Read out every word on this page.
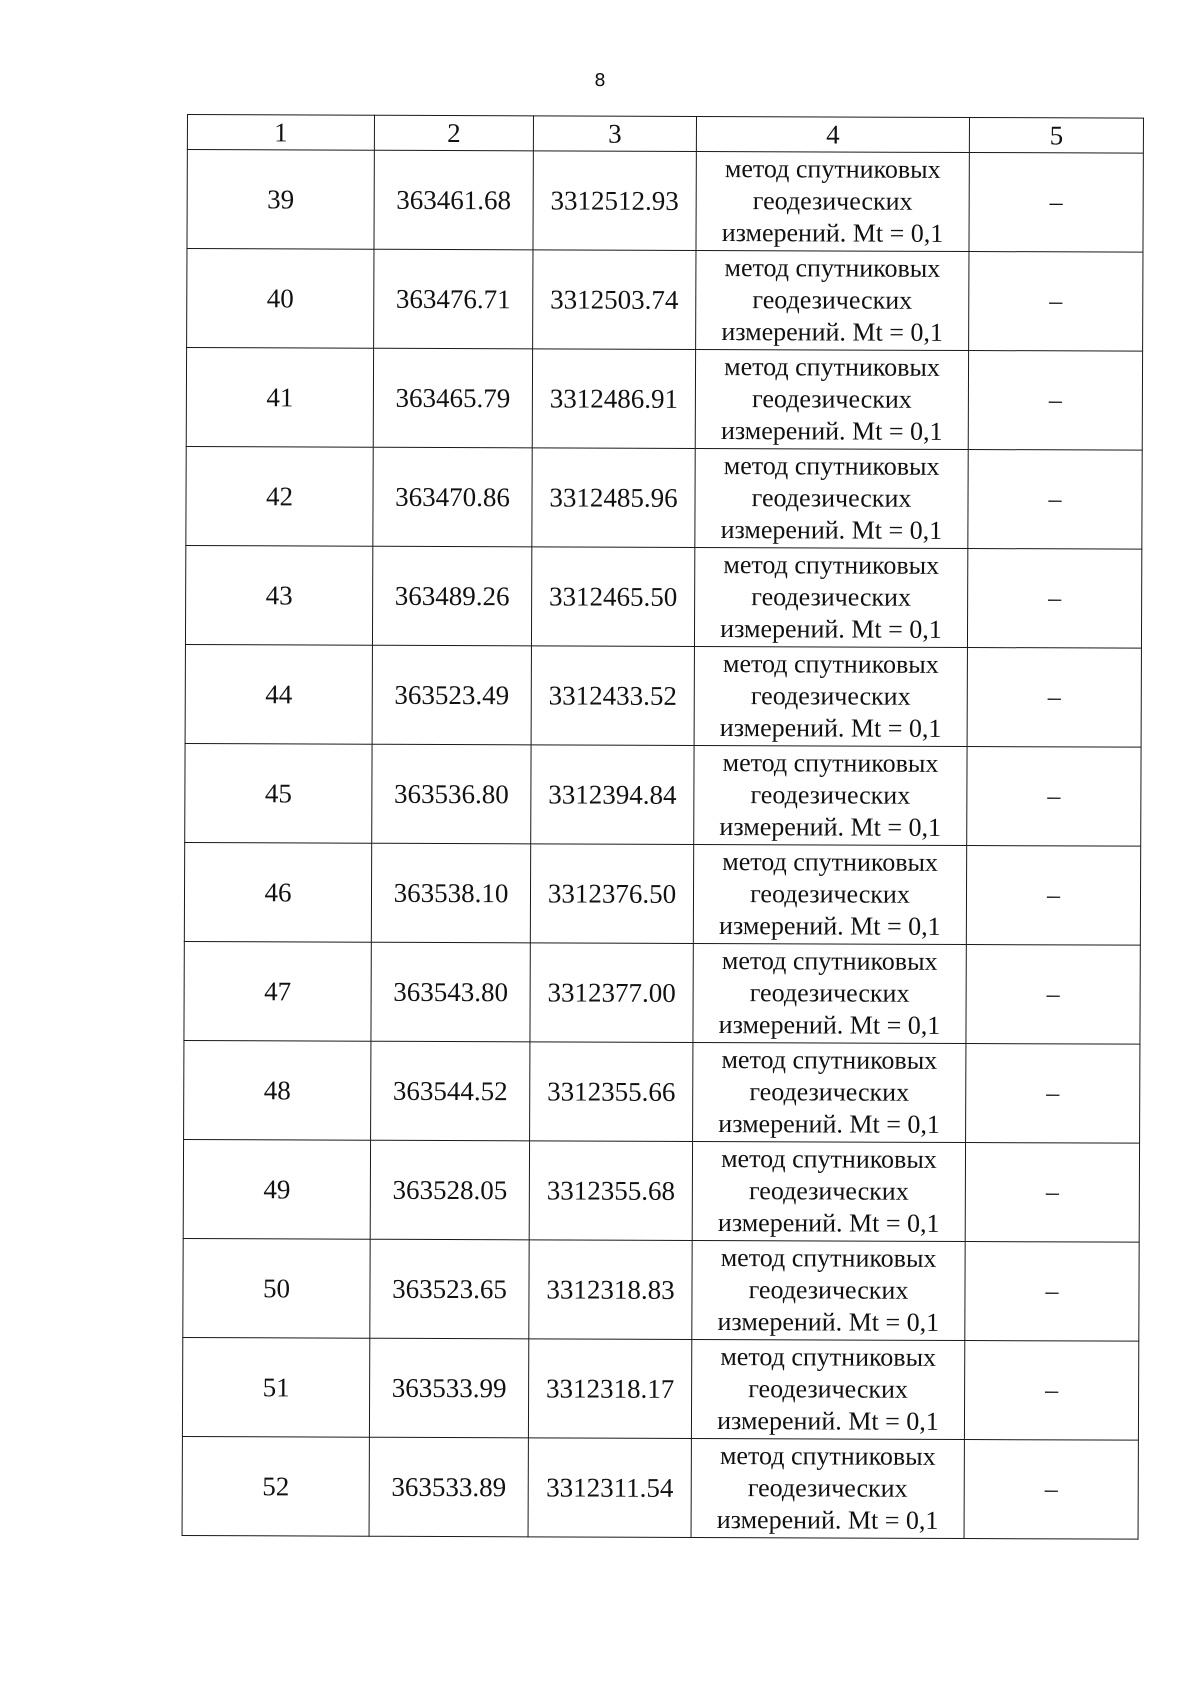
8
1	2	3	4	5
39	363461.68	3312512.93	метод спутниковых
геодезических
измерений. Mt = 0,1	–
40	363476.71	3312503.74	метод спутниковых
геодезических
измерений. Mt = 0,1	–
41	363465.79	3312486.91	метод спутниковых
геодезических
измерений. Mt = 0,1	–
42	363470.86	3312485.96	метод спутниковых
геодезических
измерений. Mt = 0,1	–
43	363489.26	3312465.50	метод спутниковых
геодезических
измерений. Mt = 0,1	–
44	363523.49	3312433.52	метод спутниковых
геодезических
измерений. Mt = 0,1	–
45	363536.80	3312394.84	метод спутниковых
геодезических
измерений. Mt = 0,1	–
46	363538.10	3312376.50	метод спутниковых
геодезических
измерений. Mt = 0,1	–
47	363543.80	3312377.00	метод спутниковых
геодезических
измерений. Mt = 0,1	–
48	363544.52	3312355.66	метод спутниковых
геодезических
измерений. Mt = 0,1	–
49	363528.05	3312355.68	метод спутниковых
геодезических
измерений. Mt = 0,1	–
50	363523.65	3312318.83	метод спутниковых
геодезических
измерений. Mt = 0,1	–
51	363533.99	3312318.17	метод спутниковых
геодезических
измерений. Mt = 0,1	–
52	363533.89	3312311.54	метод спутниковых
геодезических
измерений. Mt = 0,1	–
